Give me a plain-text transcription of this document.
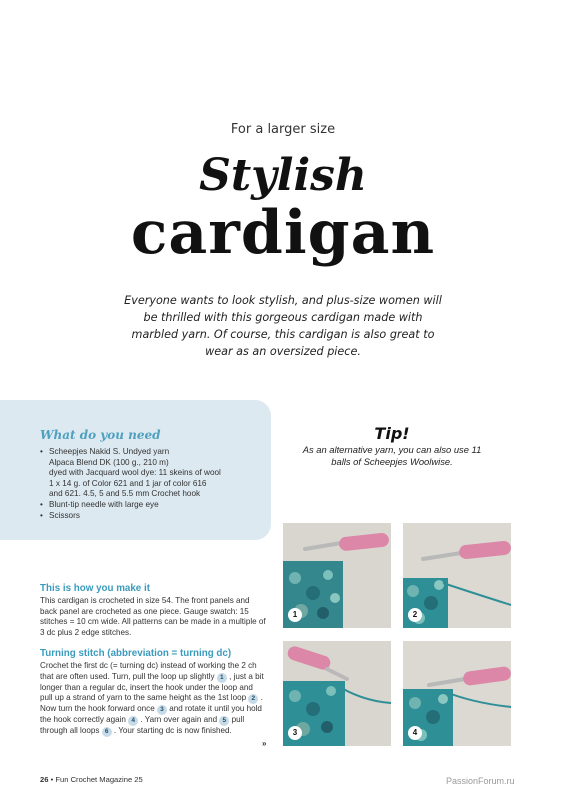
For a larger size
Stylish
cardigan
Everyone wants to look stylish, and plus-size women will be thrilled with this gorgeous cardigan made with marbled yarn. Of course, this cardigan is also great to wear as an oversized piece.
What do you need
• Scheepjes Nakid S. Undyed yarn
Alpaca Blend DK (100 g., 210 m)
dyed with Jacquard wool dye: 11 skeins of wool
1 x 14 g. of Color 621 and 1 jar of color 616
and 621. 4.5, 5 and 5.5 mm Crochet hook
• Blunt-tip needle with large eye
• Scissors
Tip!
As an alternative yarn, you can also use 11 balls of Scheepjes Woolwise.
This is how you make it
This cardigan is crocheted in size 54. The front panels and back panel are crocheted as one piece. Gauge swatch: 15 stitches = 10 cm wide. All patterns can be made in a multiple of 3 dc plus 2 edge stitches.
Turning stitch (abbreviation = turning dc)
Crochet the first dc (= turning dc) instead of working the 2 ch that are often used. Turn, pull the loop up slightly 1 , just a bit longer than a regular dc, insert the hook under the loop and pull up a strand of yarn to the same height as the 1st loop 2 . Now turn the hook forward once 3 and rotate it until you hold the hook correctly again 4 . Yarn over again and 5 pull through all loops 6 . Your starting dc is now finished.
»
1	2
3	4
26 • Fun Crochet Magazine 25	PassionForum.ru
